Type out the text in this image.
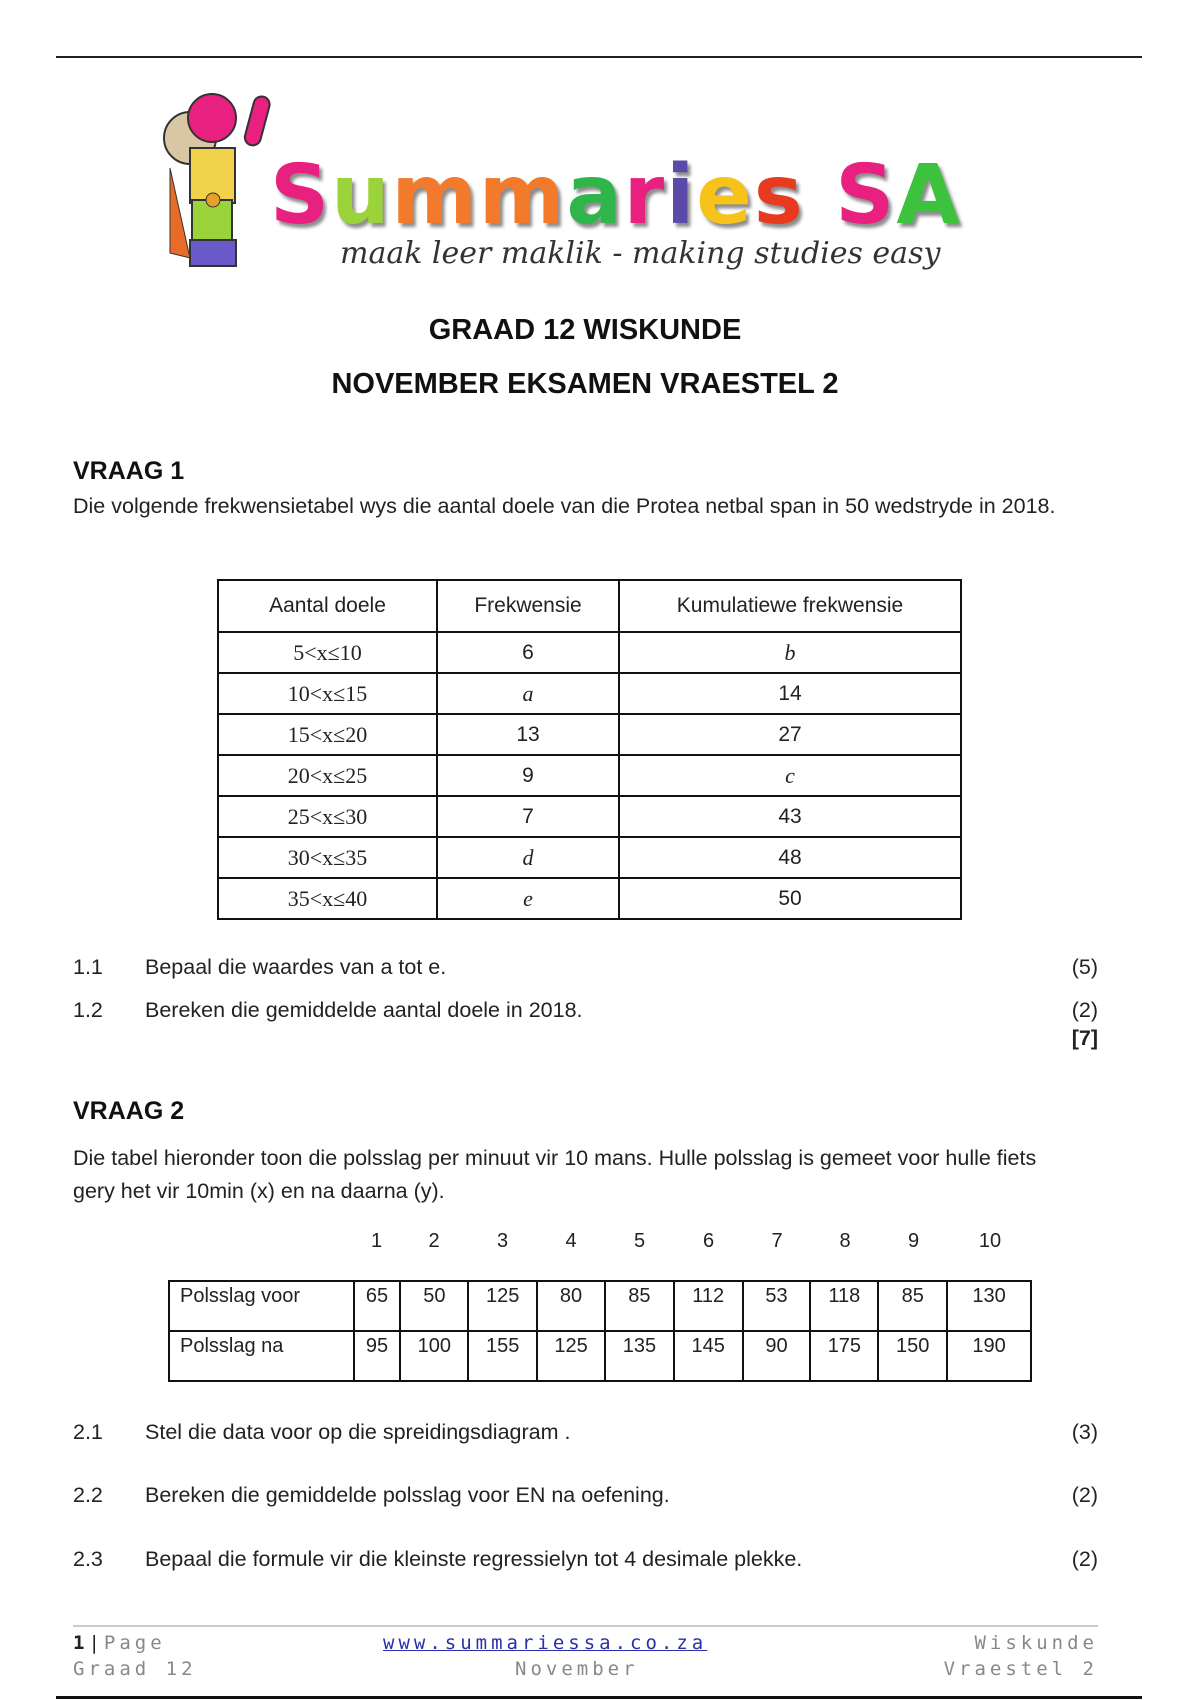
Summaries SA
maak leer maklik - making studies easy
GRAAD 12 WISKUNDE
NOVEMBER EKSAMEN VRAESTEL 2
VRAAG 1
Die volgende frekwensietabel wys die aantal doele van die Protea netbal span in 50 wedstryde in 2018.
Aantal doele	Frekwensie	Kumulatiewe frekwensie
5<x≤10	6	b
10<x≤15	a	14
15<x≤20	13	27
20<x≤25	9	c
25<x≤30	7	43
30<x≤35	d	48
35<x≤40	e	50
1.1 Bepaal die waardes van a tot e.	(5)
1.2 Bereken die gemiddelde aantal doele in 2018.	(2)
[7]
VRAAG 2
Die tabel hieronder toon die polsslag per minuut vir 10 mans. Hulle polsslag is gemeet voor hulle fiets gery het vir 10min (x) en na daarna (y).
1	2	3	4	5	6	7	8	9	10
Polsslag voor	65	50	125	80	85	112	53	118	85	130
Polsslag na	95	100	155	125	135	145	90	175	150	190
2.1 Stel die data voor op die spreidingsdiagram .	(3)
2.2 Bereken die gemiddelde polsslag voor EN na oefening.	(2)
2.3 Bepaal die formule vir die kleinste regressielyn tot 4 desimale plekke.	(2)
1|Page
Graad 12
www.summariessa.co.za
November
Wiskunde
Vraestel 2
